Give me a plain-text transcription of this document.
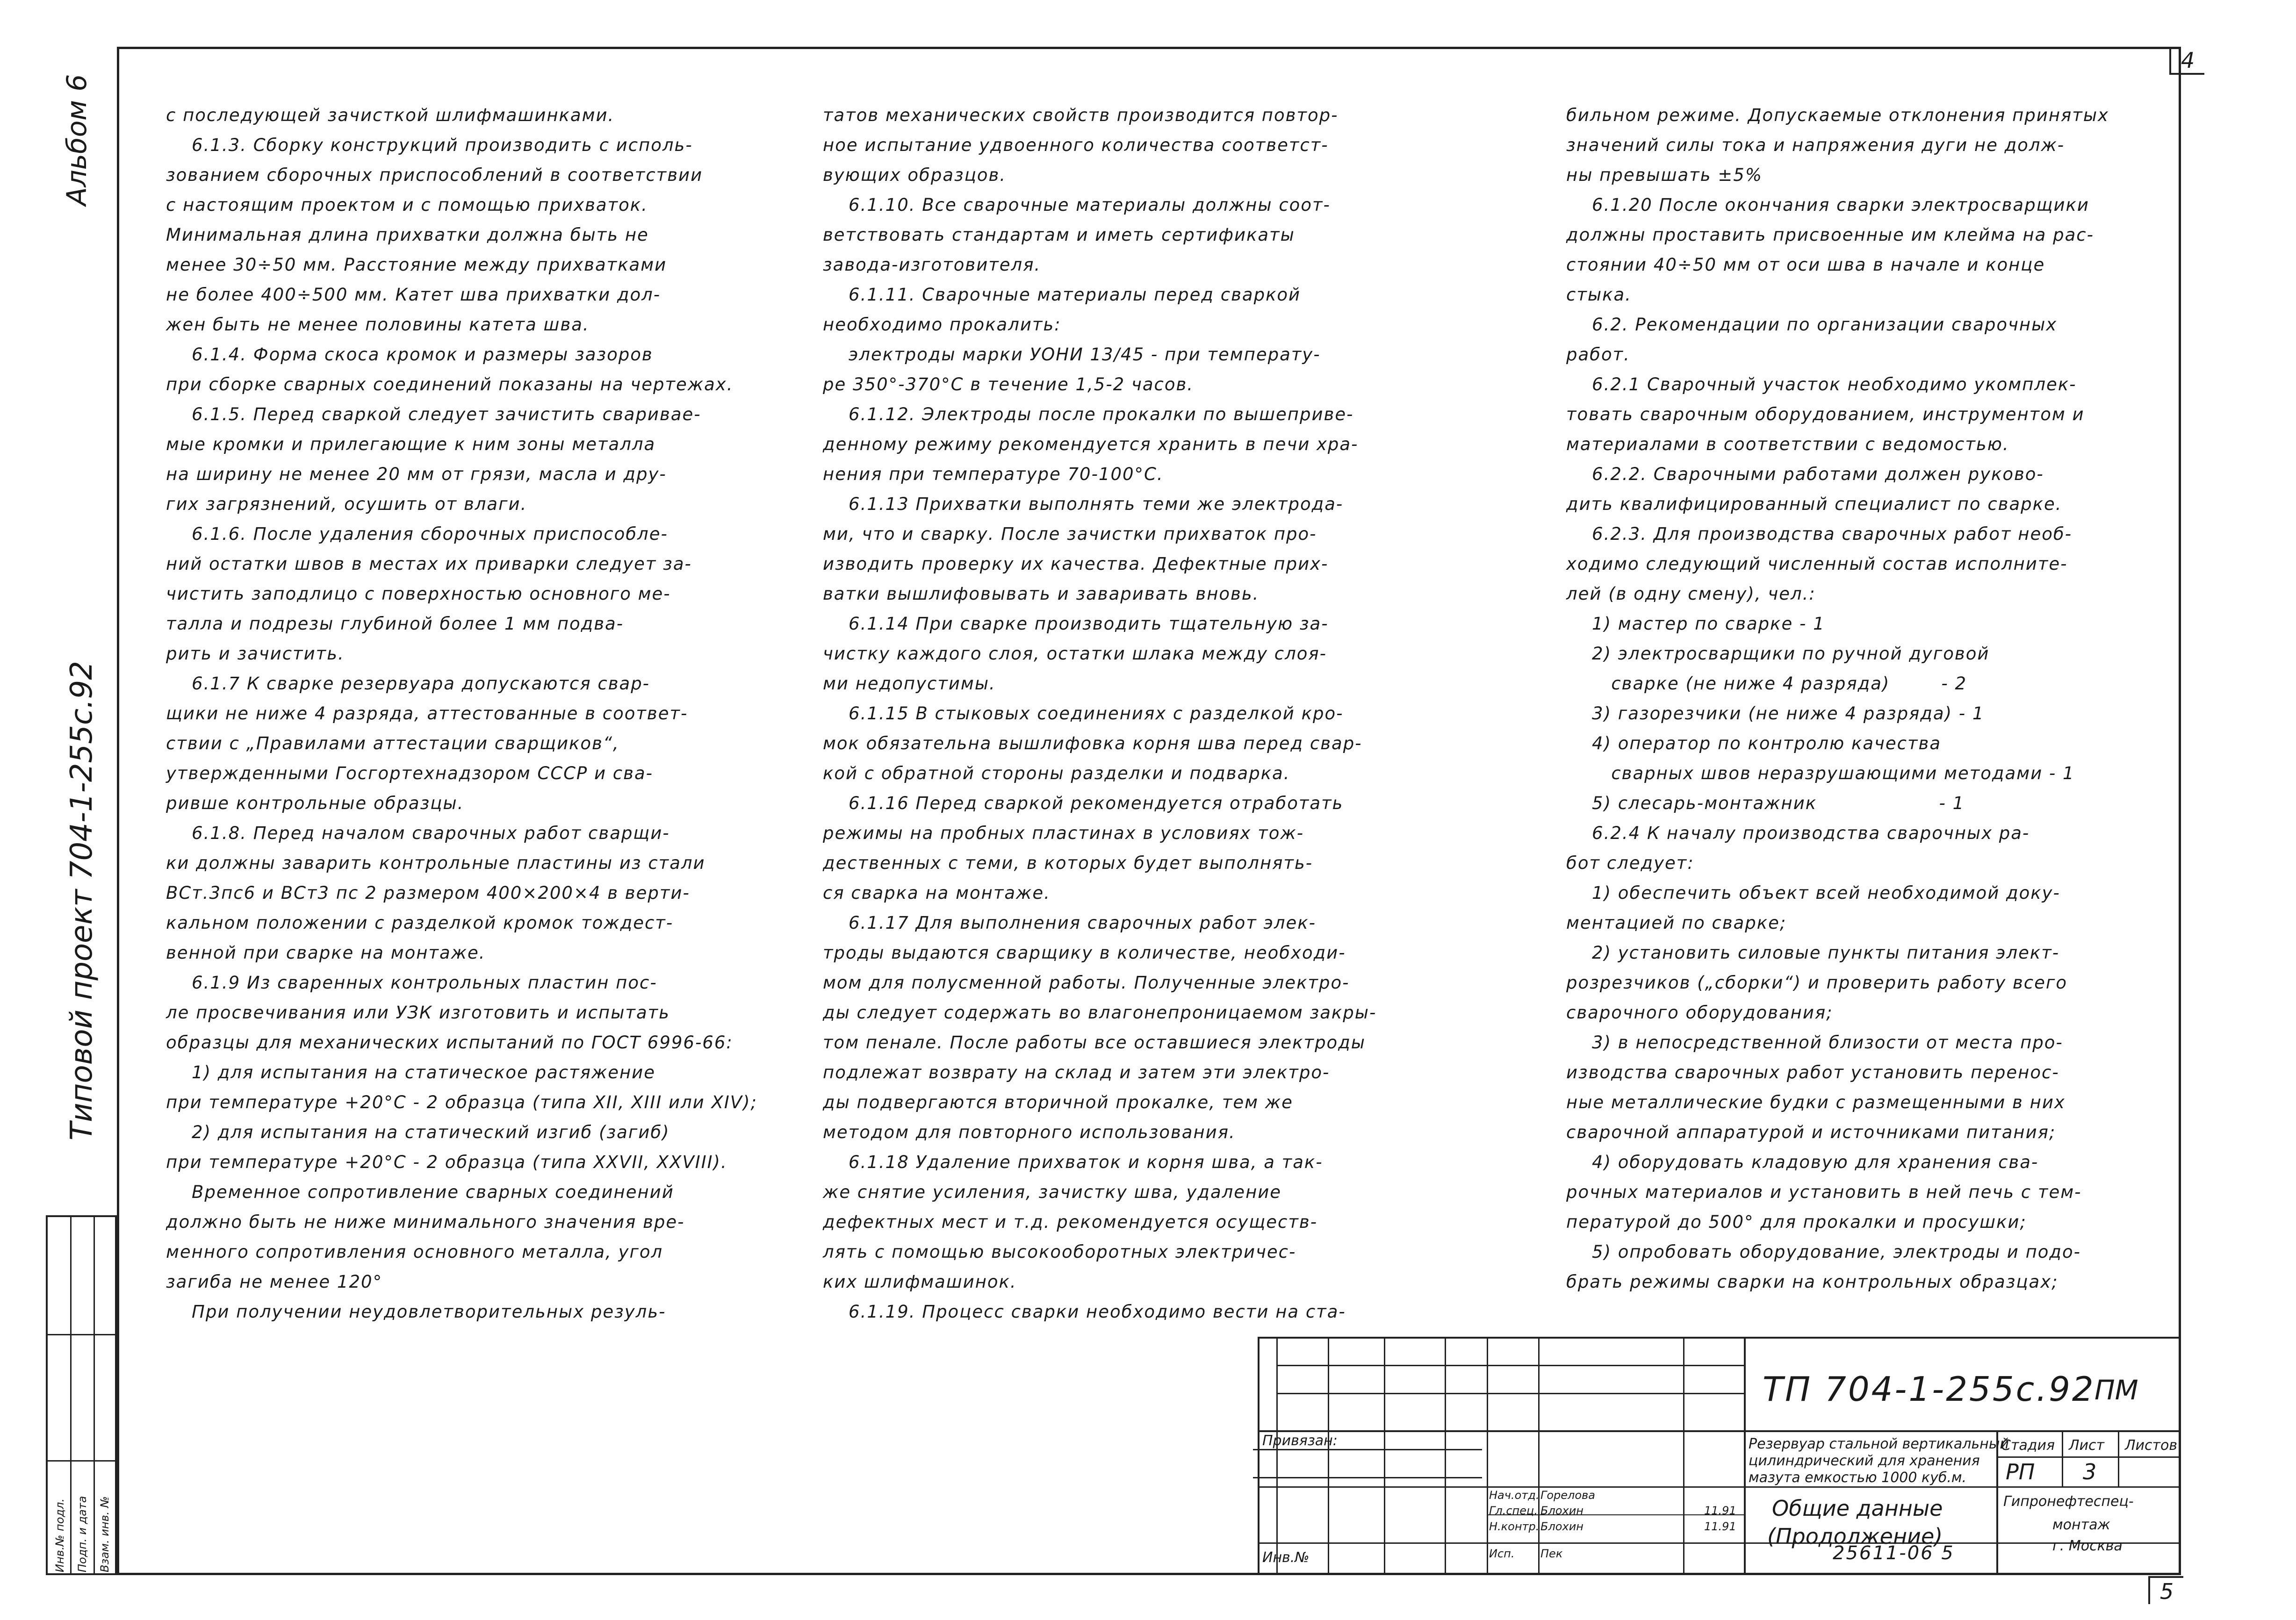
4
5
Альбом 6
Типовой проект 704-1-255с.92
Инв.№ подл. Подп. и дата Взам. инв. №

с последующей зачисткой шлифмашинками.

6.1.3. Сборку конструкций производить с исполь-

зованием сборочных приспособлений в соответствии

с настоящим проектом и с помощью прихваток.

Минимальная длина прихватки должна быть не

менее 30÷50 мм. Расстояние между прихватками

не более 400÷500 мм. Катет шва прихватки дол-

жен быть не менее половины катета шва.

6.1.4. Форма скоса кромок и размеры зазоров

при сборке сварных соединений показаны на чертежах.

6.1.5. Перед сваркой следует зачистить свариваe-

мые кромки и прилегающие к ним зоны металла

на ширину не менее 20 мм от грязи, масла и дру-

гих загрязнений, осушить от влаги.

6.1.6. После удаления сборочных приспособле-

ний остатки швов в местах их приварки следует за-

чистить заподлицо с поверхностью основного ме-

талла и подрезы глубиной более 1 мм подва-

рить и зачистить.

6.1.7 К сварке резервуара допускаются свар-

щики не ниже 4 разряда, аттестованные в соответ-

ствии с „Правилами аттестации сварщиков“,

утвержденными Госгортехнадзором СССР и сва-

ривше контрольные образцы.

6.1.8. Перед началом сварочных работ сварщи-

ки должны заварить контрольные пластины из стали

ВСт.3пс6 и ВСт3 пс 2 размером 400×200×4 в верти-

кальном положении с разделкой кромок тождест-

венной при сварке на монтаже.

6.1.9 Из сваренных контрольных пластин пос-

ле просвечивания или УЗК изготовить и испытать

образцы для механических испытаний по ГОСТ 6996-66:

1) для испытания на статическое растяжение

при температуре +20°С - 2 образца (типа XII, XIII или XIV);

2) для испытания на статический изгиб (загиб)

при температуре +20°С - 2 образца (типа XXVII, XXVIII).

Временное сопротивление сварных соединений

должно быть не ниже минимального значения вре-

менного сопротивления основного металла, угол

загиба не менее 120°

При получении неудовлетворительных резуль-

татов механических свойств производится повтор-

ное испытание удвоенного количества соответст-

вующих образцов.

6.1.10. Все сварочные материалы должны соот-

ветствовать стандартам и иметь сертификаты

завода-изготовителя.

6.1.11. Сварочные материалы перед сваркой

необходимо прокалить:

электроды марки УОНИ 13/45 - при температу-

ре 350°-370°С в течение 1,5-2 часов.

6.1.12. Электроды после прокалки по вышеприве-

денному режиму рекомендуется хранить в печи хра-

нения при температуре 70-100°С.

6.1.13 Прихватки выполнять теми же электрода-

ми, что и сварку. После зачистки прихваток про-

изводить проверку их качества. Дефектные прих-

ватки вышлифовывать и заваривать вновь.

6.1.14 При сварке производить тщательную за-

чистку каждого слоя, остатки шлака между слоя-

ми недопустимы.

6.1.15 В стыковых соединениях с разделкой кро-

мок обязательна вышлифовка корня шва перед свар-

кой с обратной стороны разделки и подварка.

6.1.16 Перед сваркой рекомендуется отработать

режимы на пробных пластинах в условиях тож-

дественных с теми, в которых будет выполнять-

ся сварка на монтаже.

6.1.17 Для выполнения сварочных работ элек-

троды выдаются сварщику в количестве, необходи-

мом для полусменной работы. Полученные электро-

ды следует содержать во влагонепроницаемом закры-

том пенале. После работы все оставшиеся электроды

подлежат возврату на склад и затем эти электро-

ды подвергаются вторичной прокалке, тем же

методом для повторного использования.

6.1.18 Удаление прихваток и корня шва, а так-

же снятие усиления, зачистку шва, удаление

дефектных мест и т.д. рекомендуется осуществ-

лять с помощью высокооборотных электричес-

ких шлифмашинок.

6.1.19. Процесс сварки необходимо вести на ста-

бильном режиме. Допускаемые отклонения принятых

значений силы тока и напряжения дуги не долж-

ны превышать ±5%

6.1.20 После окончания сварки электросварщики

должны проставить присвоенные им клейма на рас-

стоянии 40÷50 мм от оси шва в начале и конце

стыка.

6.2. Рекомендации по организации сварочных

работ.

6.2.1 Сварочный участок необходимо укомплек-

товать сварочным оборудованием, инструментом и

материалами в соответствии с ведомостью.

6.2.2. Сварочными работами должен руково-

дить квалифицированный специалист по сварке.

6.2.3. Для производства сварочных работ необ-

ходимо следующий численный состав исполните-

лей (в одну смену), чел.:

1) мастер по сварке - 1

2) электросварщики по ручной дуговой

сварке (не ниже 4 разряда)        - 2

3) газорезчики (не ниже 4 разряда) - 1

4) оператор по контролю качества

сварных швов неразрушающими методами - 1

5) слесарь-монтажник                   - 1

6.2.4 К началу производства сварочных ра-

бот следует:

1) обеспечить объект всей необходимой доку-

ментацией по сварке;

2) установить силовые пункты питания элект-

розрезчиков („сборки“) и проверить работу всего

сварочного оборудования;

3) в непосредственной близости от места про-

изводства сварочных работ установить перенос-

ные металлические будки с размещенными в них

сварочной аппаратурой и источниками питания;

4) оборудовать кладовую для хранения сва-

рочных материалов и установить в ней печь с тем-

пературой до 500° для прокалки и просушки;

5) опробовать оборудование, электроды и подо-

брать режимы сварки на контрольных образцах;

Привязан:
Инв.№
Нач.отд.
Гл.спец.
Н.контр.
Исп.
Горелова
Блохин
Блохин
Пек
11.91
11.91
ТП 704-1-255с.92
ПМ
Резервуар стальной вертикальный
цилиндрический для хранения
мазута емкостью 1000 куб.м.
Стадия Лист Листов
РП 3
Общие данные
(Продолжение)
Гипронефтеспец-
монтаж
г. Москва
25611-06 5
